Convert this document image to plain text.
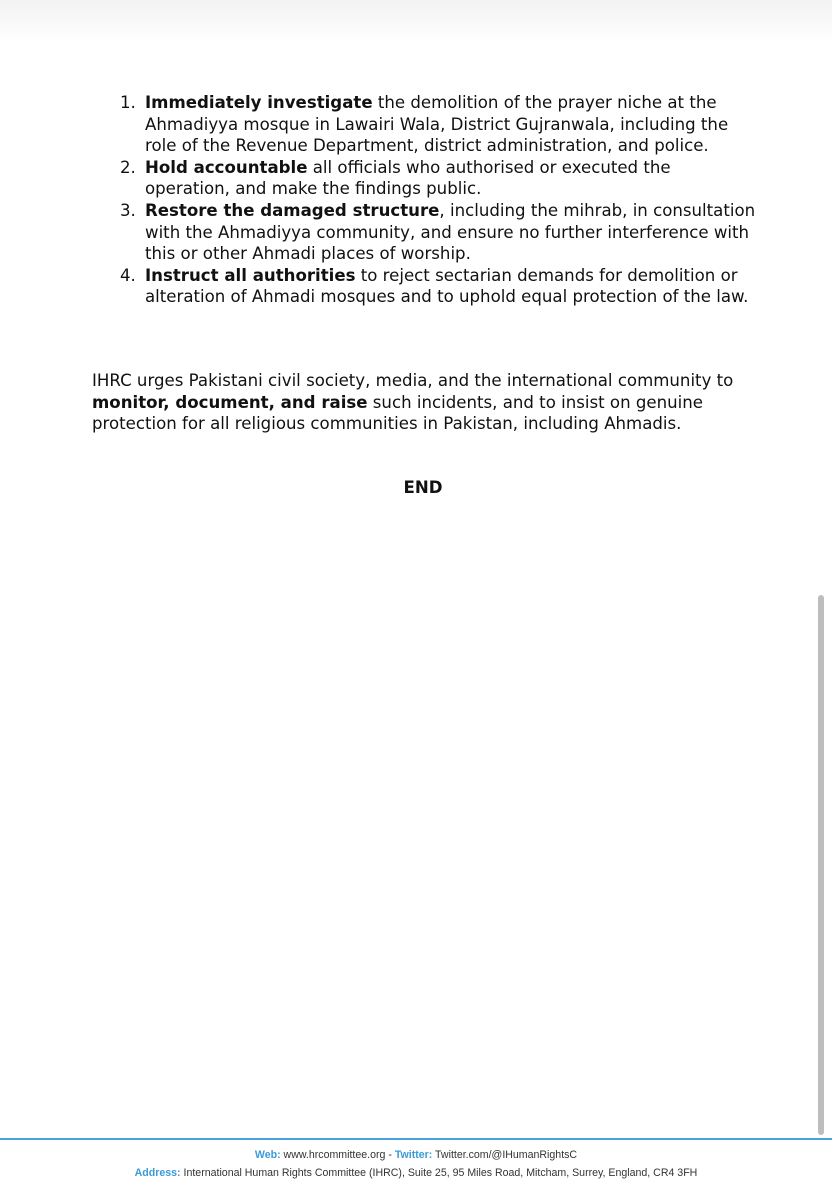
1. Immediately investigate the demolition of the prayer niche at the Ahmadiyya mosque in Lawairi Wala, District Gujranwala, including the role of the Revenue Department, district administration, and police.
2. Hold accountable all officials who authorised or executed the operation, and make the findings public.
3. Restore the damaged structure, including the mihrab, in consultation with the Ahmadiyya community, and ensure no further interference with this or other Ahmadi places of worship.
4. Instruct all authorities to reject sectarian demands for demolition or alteration of Ahmadi mosques and to uphold equal protection of the law.

IHRC urges Pakistani civil society, media, and the international community to monitor, document, and raise such incidents, and to insist on genuine protection for all religious communities in Pakistan, including Ahmadis.

END
Web: www.hrcommittee.org - Twitter: Twitter.com/@IHumanRightsC
Address: International Human Rights Committee (IHRC), Suite 25, 95 Miles Road, Mitcham, Surrey, England, CR4 3FH
